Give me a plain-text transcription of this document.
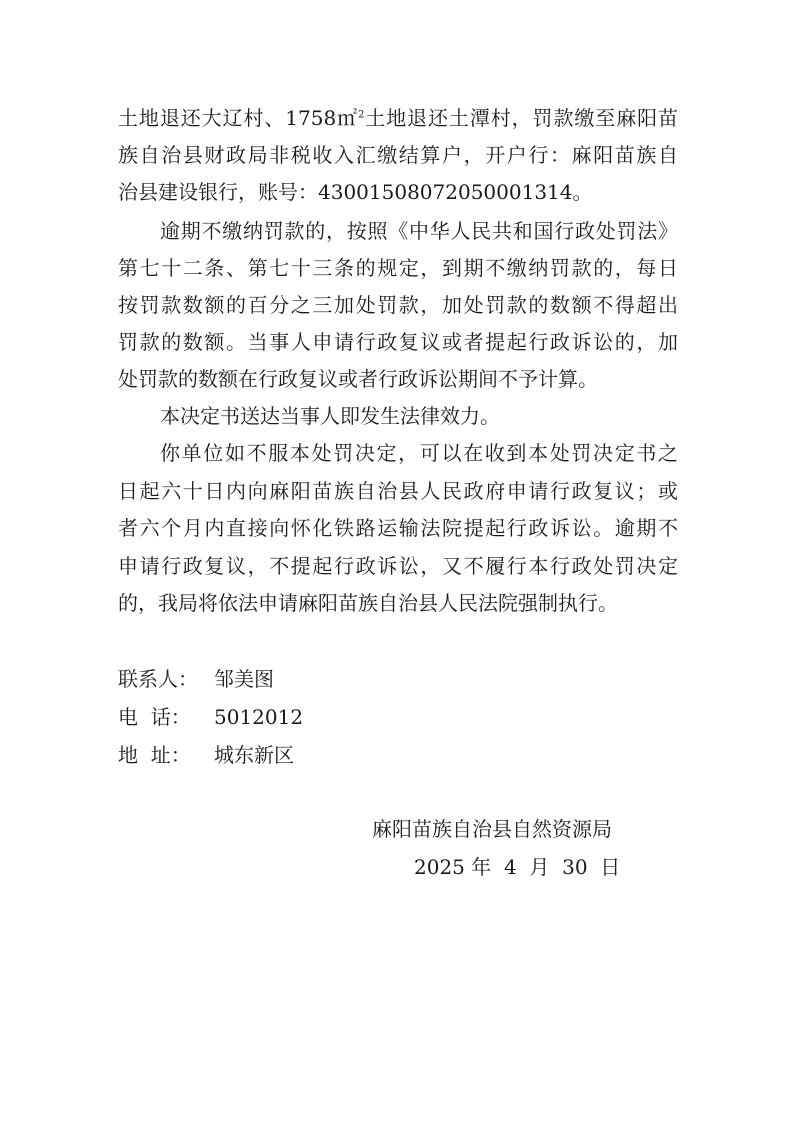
土地退还大辽村、1758㎡$^2$土地退还土潭村，罚款缴至麻阳苗
族自治县财政局非税收入汇缴结算户，开户行：麻阳苗族自
治县建设银行，账号：43001508072050001314。
逾期不缴纳罚款的，按照《中华人民共和国行政处罚法》
第七十二条、第七十三条的规定，到期不缴纳罚款的，每日
按罚款数额的百分之三加处罚款，加处罚款的数额不得超出
罚款的数额。当事人申请行政复议或者提起行政诉讼的，加
处罚款的数额在行政复议或者行政诉讼期间不予计算。
本决定书送达当事人即发生法律效力。
你单位如不服本处罚决定，可以在收到本处罚决定书之
日起六十日内向麻阳苗族自治县人民政府申请行政复议；或
者六个月内直接向怀化铁路运输法院提起行政诉讼。逾期不
申请行政复议，不提起行政诉讼，又不履行本行政处罚决定
的，我局将依法申请麻阳苗族自治县人民法院强制执行。
联系人： 邹美图
电  话： 5012012
地  址： 城东新区
麻阳苗族自治县自然资源局
2025 年  4  月  30  日
